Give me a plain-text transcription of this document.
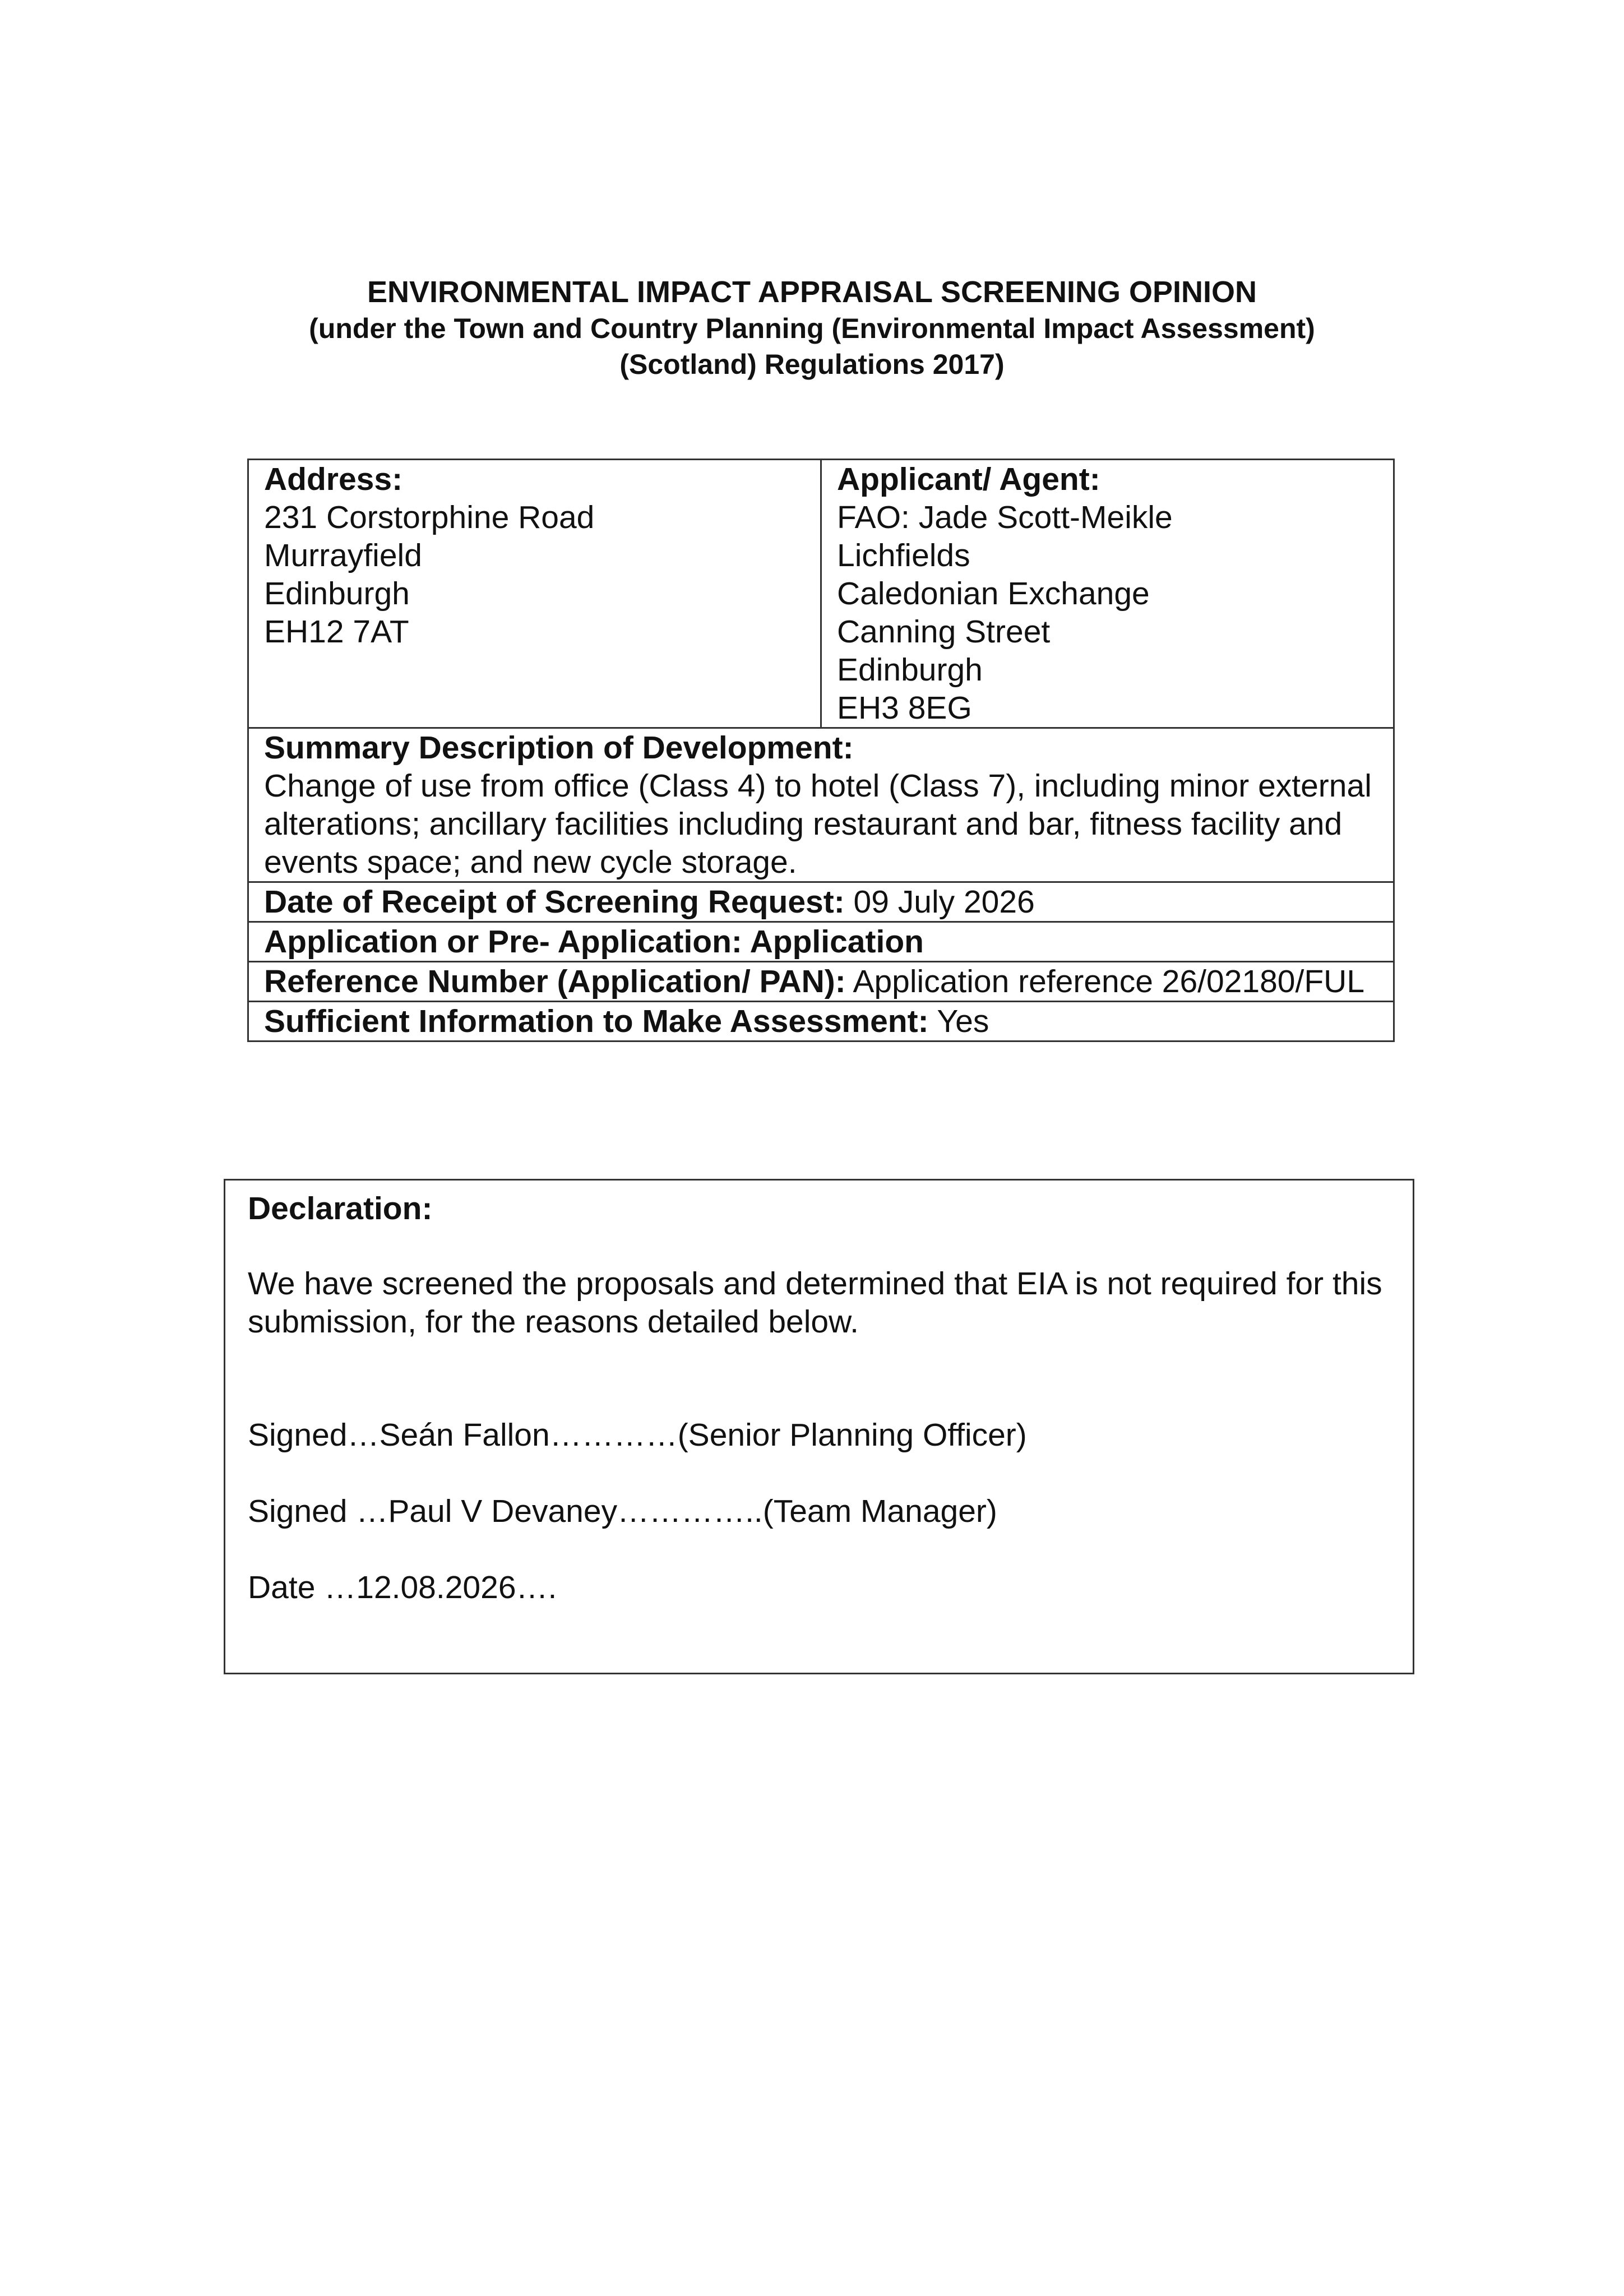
ENVIRONMENTAL IMPACT APPRAISAL SCREENING OPINION

(under the Town and Country Planning (Environmental Impact Assessment)

(Scotland) Regulations 2017)

Address:
231 Corstorphine Road
Murrayfield
Edinburgh
EH12 7AT

Applicant/ Agent:
FAO: Jade Scott-Meikle
Lichfields
Caledonian Exchange
Canning Street
Edinburgh
EH3 8EG

Summary Description of Development:
Change of use from office (Class 4) to hotel (Class 7), including minor external alterations; ancillary facilities including restaurant and bar, fitness facility and events space; and new cycle storage.
Date of Receipt of Screening Request: 09 July 2026
Application or Pre- Application: Application
Reference Number (Application/ PAN): Application reference 26/02180/FUL
Sufficient Information to Make Assessment: Yes
Declaration:
We have screened the proposals and determined that EIA is not required for this submission, for the reasons detailed below.
Signed…Seán Fallon…………(Senior Planning Officer)
Signed …Paul V Devaney…………..(Team Manager)
Date …12.08.2026….
